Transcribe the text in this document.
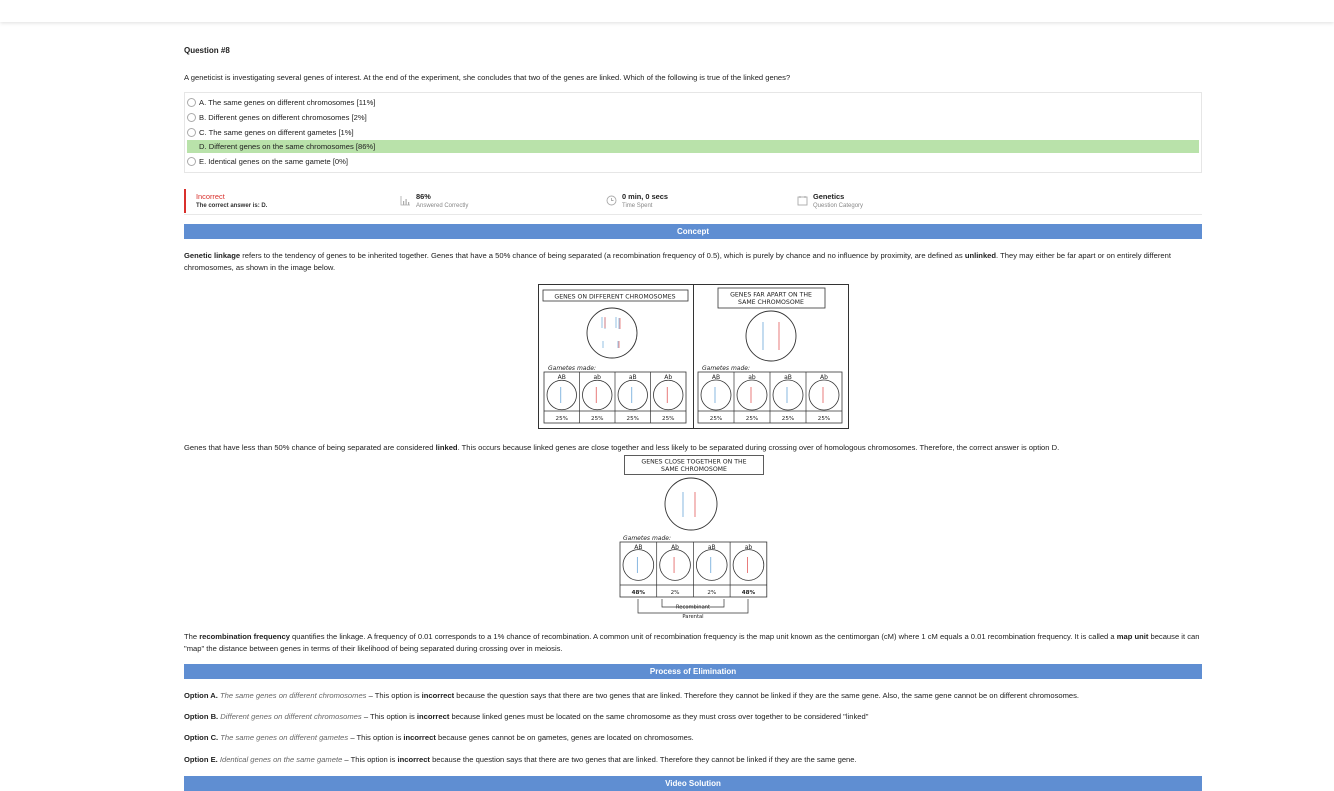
Question #8
A geneticist is investigating several genes of interest. At the end of the experiment, she concludes that two of the genes are linked. Which of the following is true of the linked genes?
A. The same genes on different chromosomes [11%]
B. Different genes on different chromosomes [2%]
C. The same genes on different gametes [1%]
D. Different genes on the same chromosomes [86%]
E. Identical genes on the same gamete [0%]
Incorrect
The correct answer is: D.
86%
Answered Correctly
0 min, 0 secs
Time Spent
Genetics
Question Category
Concept
Genetic linkage refers to the tendency of genes to be inherited together. Genes that have a 50% chance of being separated (a recombination frequency of 0.5), which is purely by chance and no influence by proximity, are defined as unlinked. They may either be far apart or on entirely different chromosomes, as shown in the image below.
GENES ON DIFFERENT CHROMOSOMES	GENES FAR APART ON THE
SAME CHROMOSOME
Gametes made:	Gametes made:
AB
25%
ab
25%
aB
25%
Ab
25%
AB
25%
ab
25%
aB
25%
Ab
25%
Genes that have less than 50% chance of being separated are considered linked. This occurs because linked genes are close together and less likely to be separated during crossing over of homologous chromosomes. Therefore, the correct answer is option D.
GENES CLOSE TOGETHER ON THE
SAME CHROMOSOME
Gametes made:
AB
48%
Ab
2%
aB
2%
ab
48%
Recombinant
Parental
The recombination frequency quantifies the linkage. A frequency of 0.01 corresponds to a 1% chance of recombination. A common unit of recombination frequency is the map unit known as the centimorgan (cM) where 1 cM equals a 0.01 recombination frequency. It is called a map unit because it can "map" the distance between genes in terms of their likelihood of being separated during crossing over in meiosis.
Process of Elimination
Option A. The same genes on different chromosomes – This option is incorrect because the question says that there are two genes that are linked. Therefore they cannot be linked if they are the same gene. Also, the same gene cannot be on different chromosomes.
Option B. Different genes on different chromosomes – This option is incorrect because linked genes must be located on the same chromosome as they must cross over together to be considered "linked"
Option C. The same genes on different gametes – This option is incorrect because genes cannot be on gametes, genes are located on chromosomes.
Option E. Identical genes on the same gamete – This option is incorrect because the question says that there are two genes that are linked. Therefore they cannot be linked if they are the same gene.
Video Solution
